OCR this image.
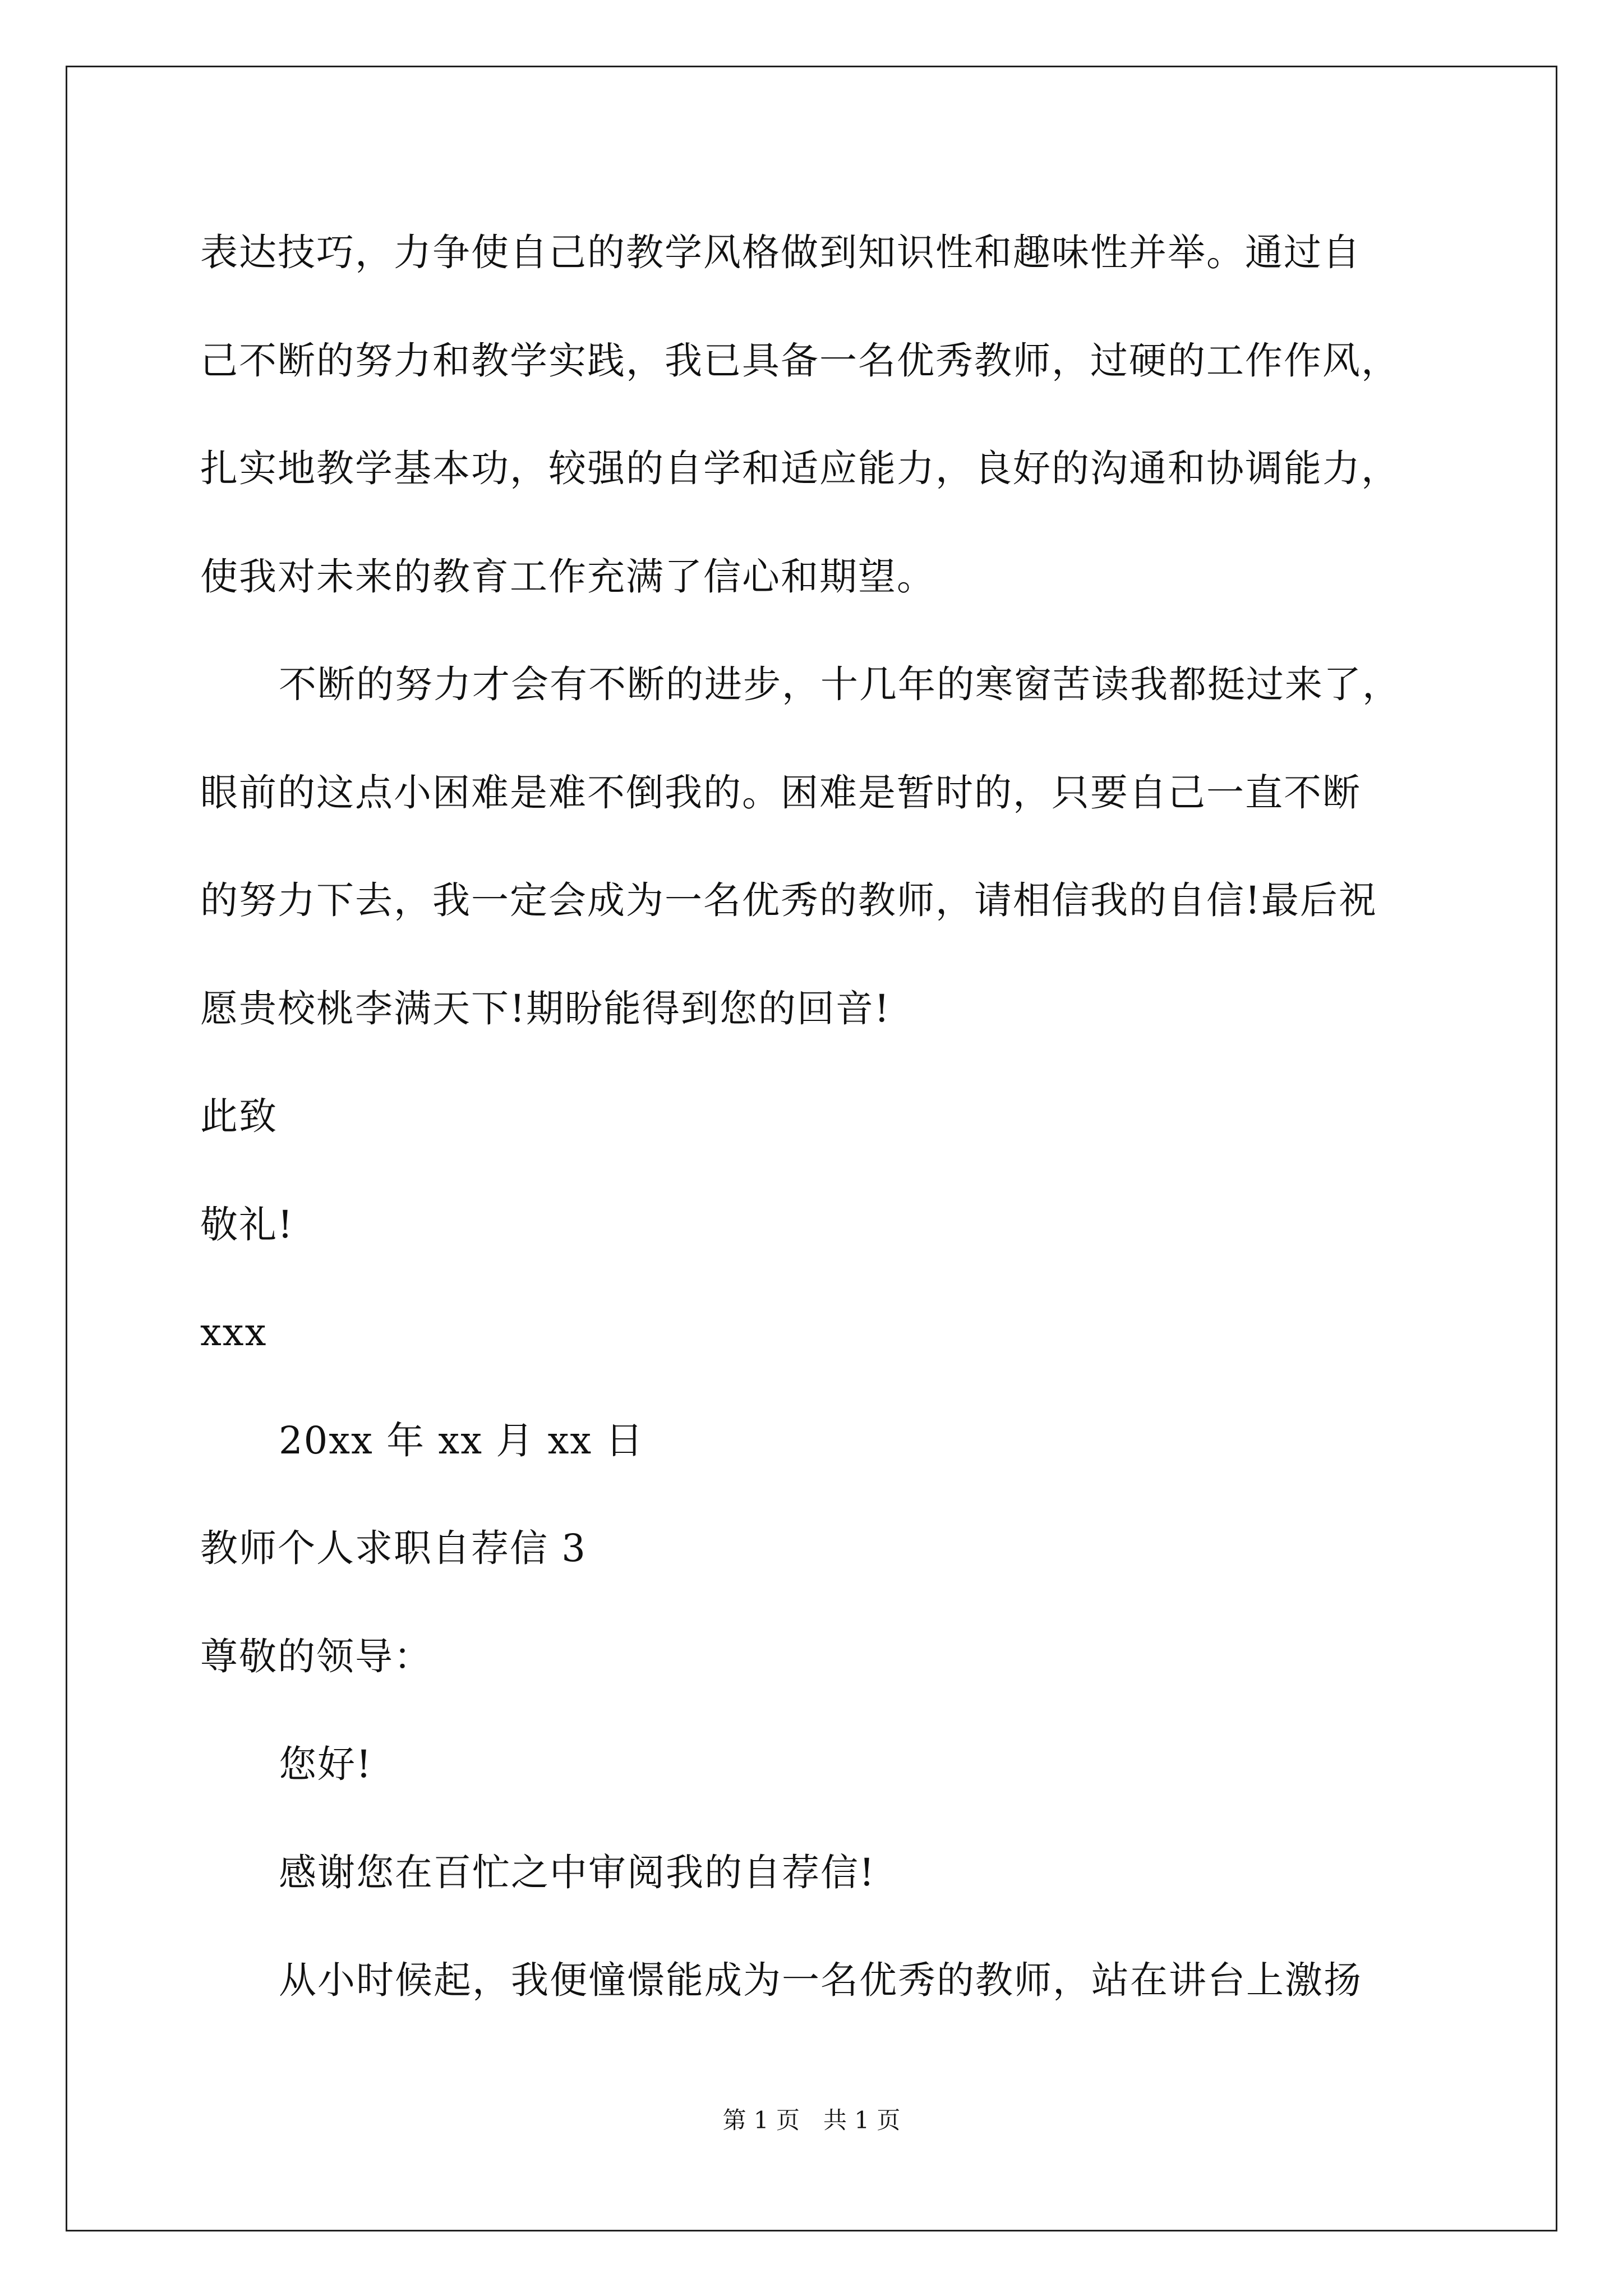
表达技巧，力争使自己的教学风格做到知识性和趣味性并举。通过自

己不断的努力和教学实践，我已具备一名优秀教师，过硬的工作作风，

扎实地教学基本功，较强的自学和适应能力，良好的沟通和协调能力，

使我对未来的教育工作充满了信心和期望。

不断的努力才会有不断的进步，十几年的寒窗苦读我都挺过来了，

眼前的这点小困难是难不倒我的。困难是暂时的，只要自己一直不断

的努力下去，我一定会成为一名优秀的教师，请相信我的自信!最后祝

愿贵校桃李满天下!期盼能得到您的回音!

此致

敬礼!

xxx

20xx 年 xx 月 xx 日

教师个人求职自荐信 3

尊敬的领导：

您好!

感谢您在百忙之中审阅我的自荐信!

从小时候起，我便憧憬能成为一名优秀的教师，站在讲台上激扬

第 1 页　共 1 页
